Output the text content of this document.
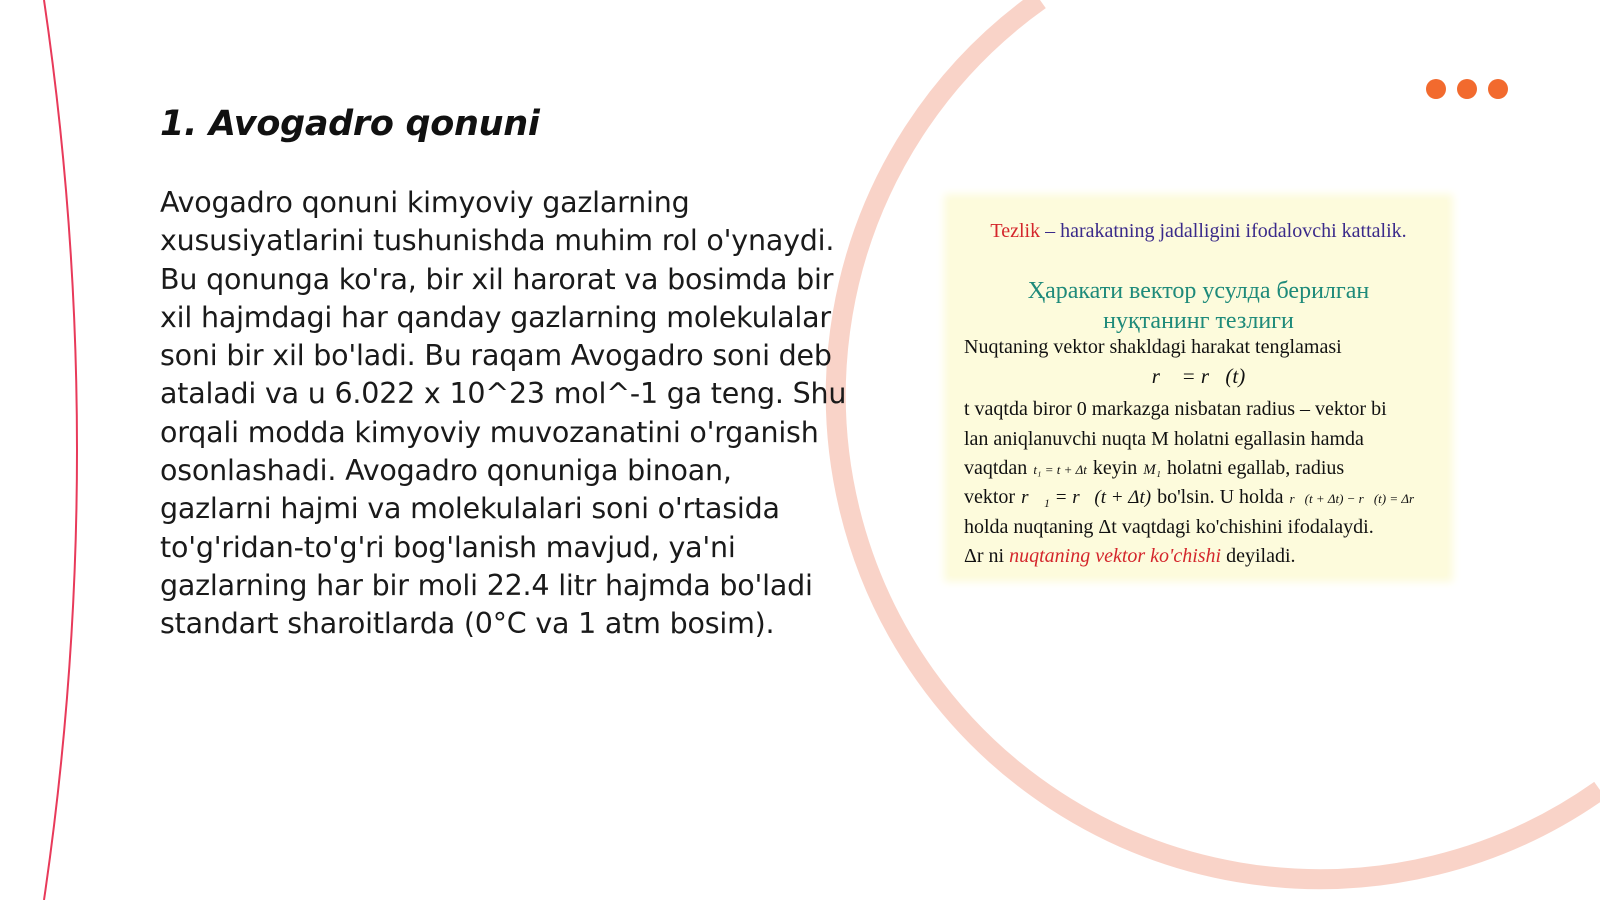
1. Avogadro qonuni

Avogadro qonuni kimyoviy gazlarning xususiyatlarini tushunishda muhim rol o'ynaydi. Bu qonunga ko'ra, bir xil harorat va bosimda bir xil hajmdagi har qanday gazlarning molekulalar soni bir xil bo'ladi. Bu raqam Avogadro soni deb ataladi va u 6.022 x 10^23 mol^-1 ga teng. Shu orqali modda kimyoviy muvozanatini o'rganish osonlashadi. Avogadro qonuniga binoan, gazlarni hajmi va molekulalari soni o'rtasida to'g'ridan-to'g'ri bog'lanish mavjud, ya'ni gazlarning har bir moli 22.4 litr hajmda bo'ladi standart sharoitlarda (0°C va 1 atm bosim).

Tezlik – harakatning jadalligini ifodalovchi kattalik.
Ҳаракати вектор усулда берилган нуқтанинг тезлиги
Nuqtaning vektor shakldagi harakat tenglamasi
r⃗ = r⃗(t)
t vaqtda biror 0 markazga nisbatan radius – vektor bi
lan aniqlanuvchi nuqta M holatni egallasin hamda
vaqtdan t₁ = t + Δt keyin M₁ holatni egallab, radius
vektor r⃗₁ = r⃗(t + Δt) bo'lsin. U holda r⃗(t + Δt) − r⃗(t) = Δr⃗
holda nuqtaning Δt vaqtdagi ko'chishini ifodalaydi.
Δr ni nuqtaning vektor ko'chishi deyiladi.
